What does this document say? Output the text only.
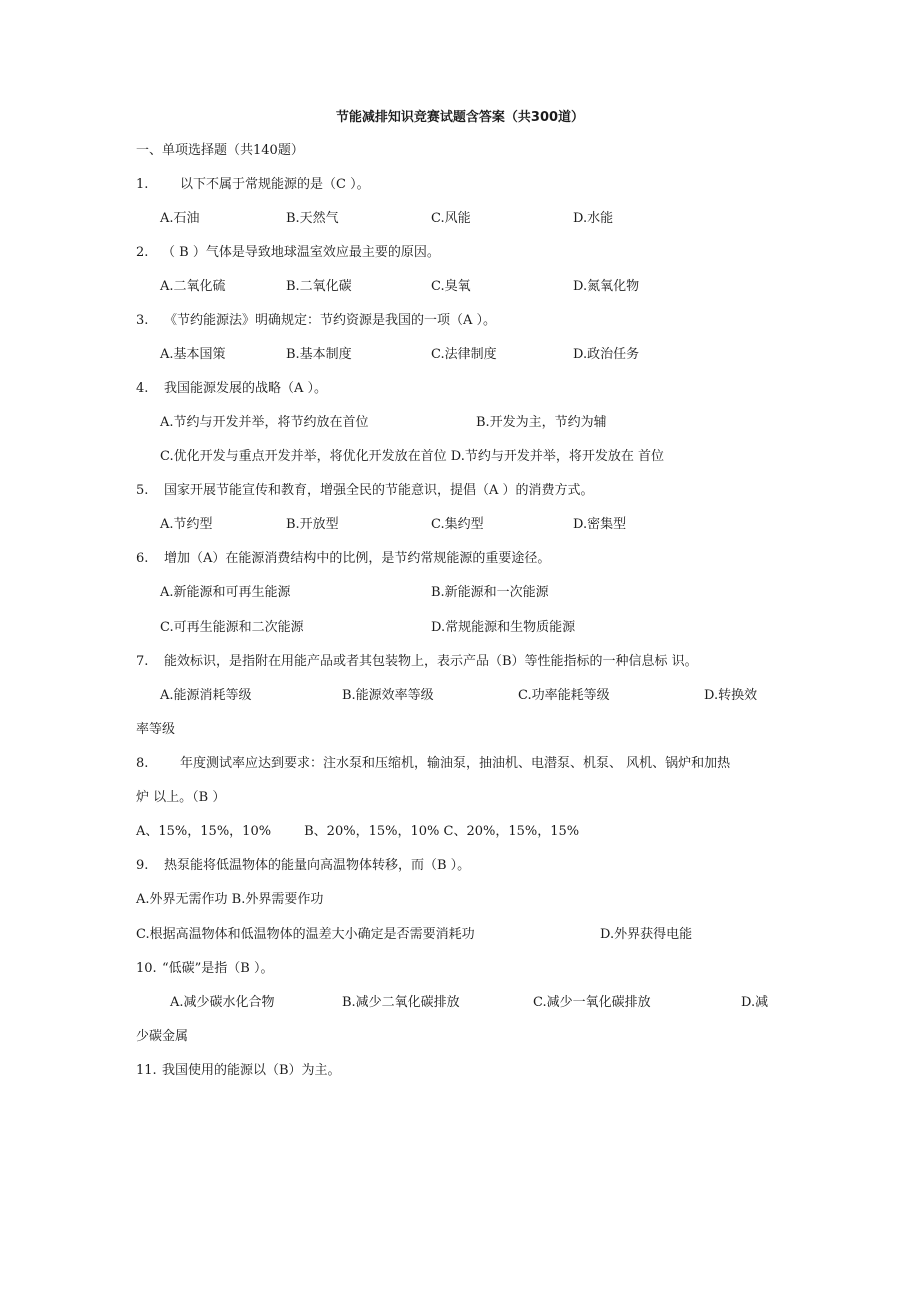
节能减排知识竞赛试题含答案（共300道）
一、单项选择题（共140题）
1. 以下不属于常规能源的是（C ）。
A.石油	B.天然气	C.风能	D.水能
2. （ B ）气体是导致地球温室效应最主要的原因。
A.二氧化硫	B.二氧化碳	C.臭氧	D.氮氧化物
3. 《节约能源法》明确规定：节约资源是我国的一项（A ）。
A.基本国策	B.基本制度	C.法律制度	D.政治任务
4. 我国能源发展的战略（A ）。
A.节约与开发并举，将节约放在首位	B.开发为主，节约为辅
C.优化开发与重点开发并举，将优化开发放在首位 D.节约与开发并举，将开发放在 首位
5. 国家开展节能宣传和教育，增强全民的节能意识，提倡（A ）的消费方式。
A.节约型	B.开放型	C.集约型	D.密集型
6. 增加（A）在能源消费结构中的比例，是节约常规能源的重要途径。
A.新能源和可再生能源	B.新能源和一次能源
C.可再生能源和二次能源	D.常规能源和生物质能源
7. 能效标识，是指附在用能产品或者其包装物上，表示产品（B）等性能指标的一种信息标 识。
A.能源消耗等级	B.能源效率等级	C.功率能耗等级	D.转换效
率等级
8. 年度测试率应达到要求：注水泵和压缩机，输油泵，抽油机、电潜泵、机泵、 风机、锅炉和加热
炉 以上。（B ）
A、15%，15%，10%        B、20%，15%，10% C、20%，15%，15%
9. 热泵能将低温物体的能量向高温物体转移，而（B ）。
A.外界无需作功 B.外界需要作功
C.根据高温物体和低温物体的温差大小确定是否需要消耗功	D.外界获得电能
10. “低碳”是指（B ）。
A.减少碳水化合物	B.减少二氧化碳排放	C.减少一氧化碳排放	D.减
少碳金属
11. 我国使用的能源以（B）为主。
